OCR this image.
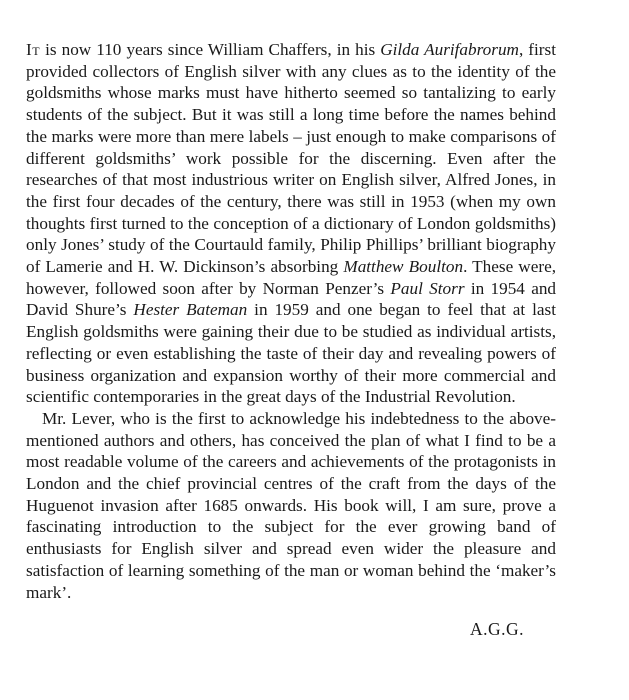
It is now 110 years since William Chaffers, in his Gilda Aurifabrorum, first provided collectors of English silver with any clues as to the identity of the goldsmiths whose marks must have hitherto seemed so tantalizing to early students of the subject. But it was still a long time before the names behind the marks were more than mere labels – just enough to make comparisons of different goldsmiths’ work possible for the discerning. Even after the researches of that most industrious writer on English silver, Alfred Jones, in the first four decades of the century, there was still in 1953 (when my own thoughts first turned to the conception of a dictionary of London goldsmiths) only Jones’ study of the Courtauld family, Philip Phillips’ brilliant biography of Lamerie and H. W. Dickinson’s absorbing Matthew Boulton. These were, however, followed soon after by Norman Penzer’s Paul Storr in 1954 and David Shure’s Hester Bateman in 1959 and one began to feel that at last English goldsmiths were gaining their due to be studied as individual artists, reflecting or even establishing the taste of their day and revealing powers of business organization and expansion worthy of their more commercial and scientific contemporaries in the great days of the Industrial Revolution.

Mr. Lever, who is the first to acknowledge his indebtedness to the above-mentioned authors and others, has conceived the plan of what I find to be a most readable volume of the careers and achievements of the protagonists in London and the chief provincial centres of the craft from the days of the Huguenot invasion after 1685 onwards. His book will, I am sure, prove a fascinating introduction to the subject for the ever growing band of enthusiasts for English silver and spread even wider the pleasure and satisfaction of learning something of the man or woman behind the ‘maker’s mark’.

A.G.G.
